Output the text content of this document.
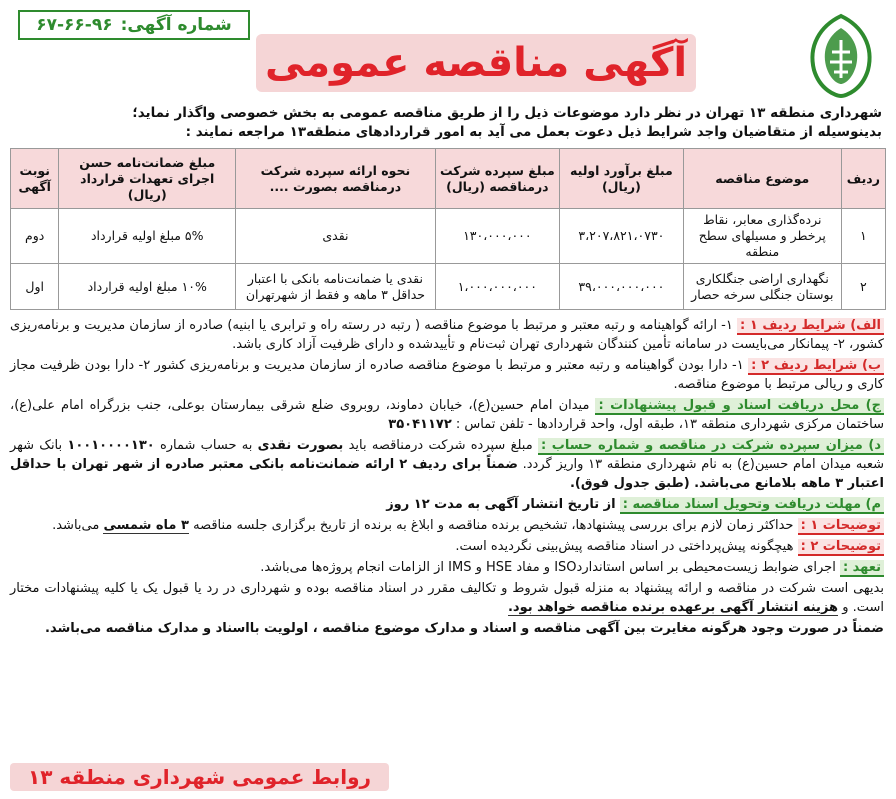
شماره آگهی:
۶۷-۶۶-۹۶
آگهی مناقصه عمومی
شهرداری منطقه ۱۳ تهران در نظر دارد موضوعات ذیل را از طریق مناقصه عمومی به بخش خصوصی واگذار نماید؛
بدینوسیله از متقاضیان واجد شرایط ذیل دعوت بعمل می آید به امور قراردادهای منطقه۱۳ مراجعه نمایند :
ردیف	موضوع مناقصه	مبلغ برآورد اولیه (ریال)	مبلغ سپرده شرکت درمناقصه (ریال)	نحوه ارائه سپرده شرکت درمناقصه بصورت ....	مبلغ ضمانت‌نامه حسن اجرای تعهدات قرارداد (ریال)	نوبت آگهی
۱	نرده‌گذاری معابر، نقاط پرخطر و مسیلهای سطح منطقه	۳،۲۰۷،۸۲۱،۰۷۳۰	۱۳۰،۰۰۰،۰۰۰	نقدی	۵% مبلغ اولیه قرارداد	دوم
۲	نگهداری اراضی جنگلکاری بوستان جنگلی سرخه حصار	۳۹،۰۰۰،۰۰۰،۰۰۰	۱،۰۰۰،۰۰۰،۰۰۰	نقدی یا ضمانت‌نامه بانکی با اعتبار حداقل ۳ ماهه و فقط از شهرتهران	۱۰% مبلغ اولیه قرارداد	اول
الف) شرایط ردیف ۱ : ۱- ارائه گواهینامه و رتبه معتبر و مرتبط با موضوع مناقصه ( رتبه در رسته راه و ترابری یا ابنیه) صادره از سازمان مدیریت و برنامه‌ریزی کشور، ۲- پیمانکار می‌بایست در سامانه تأمین کنندگان شهرداری تهران ثبت‌نام و تأییدشده و دارای ظرفیت آزاد کاری باشد.
ب) شرایط ردیف ۲ : ۱- دارا بودن گواهینامه و رتبه معتبر و مرتبط با موضوع مناقصه صادره از سازمان مدیریت و برنامه‌ریزی کشور ۲- دارا بودن ظرفیت مجاز کاری و ریالی مرتبط با موضوع مناقصه.
ج) محل دریافت اسناد و قبول پیشنهادات : میدان امام حسین(ع)، خیابان دماوند، روبروی ضلع شرقی بیمارستان بوعلی، جنب بزرگراه امام علی(ع)، ساختمان مرکزی شهرداری منطقه ۱۳، طبقه اول، واحد قراردادها - تلفن تماس : ۳۵۰۴۱۱۷۲
د) میزان سپرده شرکت در مناقصه و شماره حساب : مبلغ سپرده شرکت درمناقصه باید بصورت نقدی به حساب شماره ۱۰۰۱۰۰۰۰۱۳۰ بانک شهر شعبه میدان امام حسین(ع) به نام شهرداری منطقه ۱۳ واریز گردد. ضمناً برای ردیف ۲ ارائه ضمانت‌نامه بانکی معتبر صادره از شهر تهران با حداقل اعتبار ۳ ماهه بلامانع می‌باشد. (طبق جدول فوق).
م) مهلت دریافت وتحویل اسناد مناقصه : از تاریخ انتشار آگهی به مدت ۱۲ روز
توضیحات ۱ : حداکثر زمان لازم برای بررسی پیشنهادها، تشخیص برنده مناقصه و ابلاغ به برنده از تاریخ برگزاری جلسه مناقصه ۳ ماه شمسی می‌باشد.
توضیحات ۲ : هیچگونه پیش‌پرداختی در اسناد مناقصه پیش‌بینی نگردیده است.
تعهد : اجرای ضوابط زیست‌محیطی بر اساس استانداردISO و مفاد HSE و IMS از الزامات انجام پروژه‌ها می‌باشد.
بدیهی است شرکت در مناقصه و ارائه پیشنهاد به منزله قبول شروط و تکالیف مقرر در اسناد مناقصه بوده و شهرداری در رد یا قبول یک یا کلیه پیشنهادات مختار است. و هزینه انتشار آگهی برعهده برنده مناقصه خواهد بود.
ضمناً در صورت وجود هرگونه مغایرت بین آگهی مناقصه و اسناد و مدارک موضوع مناقصه ، اولویت بااسناد و مدارک مناقصه می‌باشد.
روابط عمومی شهرداری منطقه ۱۳
